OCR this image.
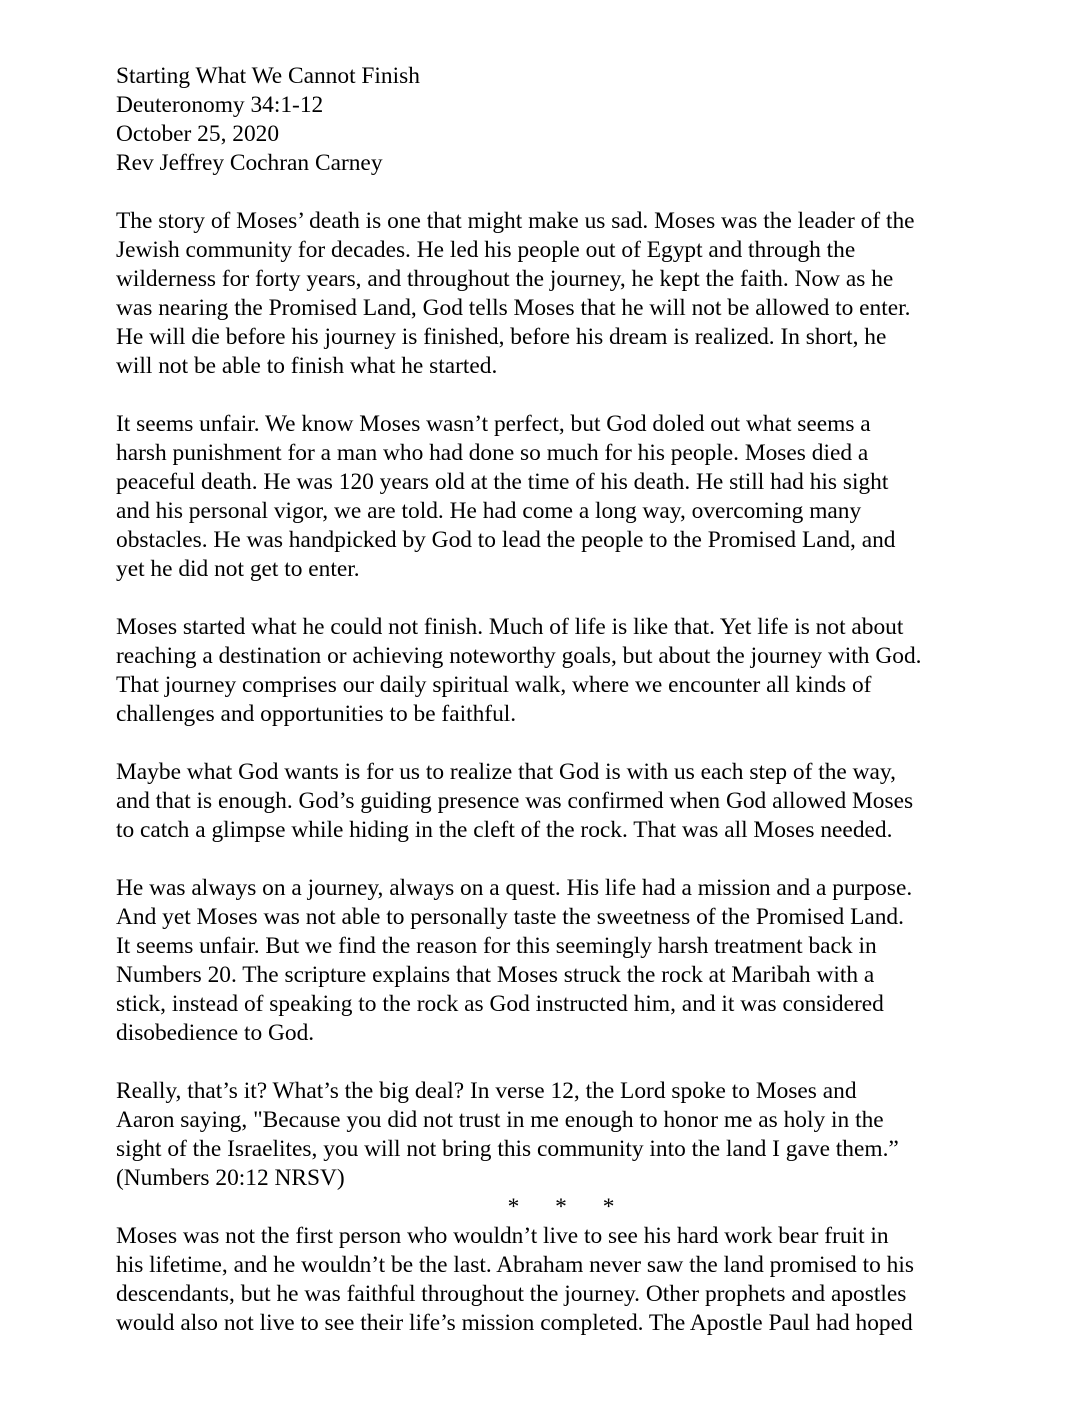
Starting What We Cannot Finish
Deuteronomy 34:1-12
October 25, 2020
Rev Jeffrey Cochran Carney
The story of Moses’ death is one that might make us sad. Moses was the leader of the
Jewish community for decades. He led his people out of Egypt and through the
wilderness for forty years, and throughout the journey, he kept the faith. Now as he
was nearing the Promised Land, God tells Moses that he will not be allowed to enter.
He will die before his journey is finished, before his dream is realized. In short, he
will not be able to finish what he started.
It seems unfair. We know Moses wasn’t perfect, but God doled out what seems a
harsh punishment for a man who had done so much for his people. Moses died a
peaceful death. He was 120 years old at the time of his death. He still had his sight
and his personal vigor, we are told. He had come a long way, overcoming many
obstacles. He was handpicked by God to lead the people to the Promised Land, and
yet he did not get to enter.
Moses started what he could not finish. Much of life is like that. Yet life is not about
reaching a destination or achieving noteworthy goals, but about the journey with God.
That journey comprises our daily spiritual walk, where we encounter all kinds of
challenges and opportunities to be faithful.
Maybe what God wants is for us to realize that God is with us each step of the way,
and that is enough. God’s guiding presence was confirmed when God allowed Moses
to catch a glimpse while hiding in the cleft of the rock. That was all Moses needed.
He was always on a journey, always on a quest. His life had a mission and a purpose.
And yet Moses was not able to personally taste the sweetness of the Promised Land.
It seems unfair. But we find the reason for this seemingly harsh treatment back in
Numbers 20. The scripture explains that Moses struck the rock at Maribah with a
stick, instead of speaking to the rock as God instructed him, and it was considered
disobedience to God.
Really, that’s it? What’s the big deal? In verse 12, the Lord spoke to Moses and
Aaron saying, "Because you did not trust in me enough to honor me as holy in the
sight of the Israelites, you will not bring this community into the land I gave them.”
(Numbers 20:12 NRSV)
* * *
Moses was not the first person who wouldn’t live to see his hard work bear fruit in
his lifetime, and he wouldn’t be the last. Abraham never saw the land promised to his
descendants, but he was faithful throughout the journey. Other prophets and apostles
would also not live to see their life’s mission completed. The Apostle Paul had hoped
